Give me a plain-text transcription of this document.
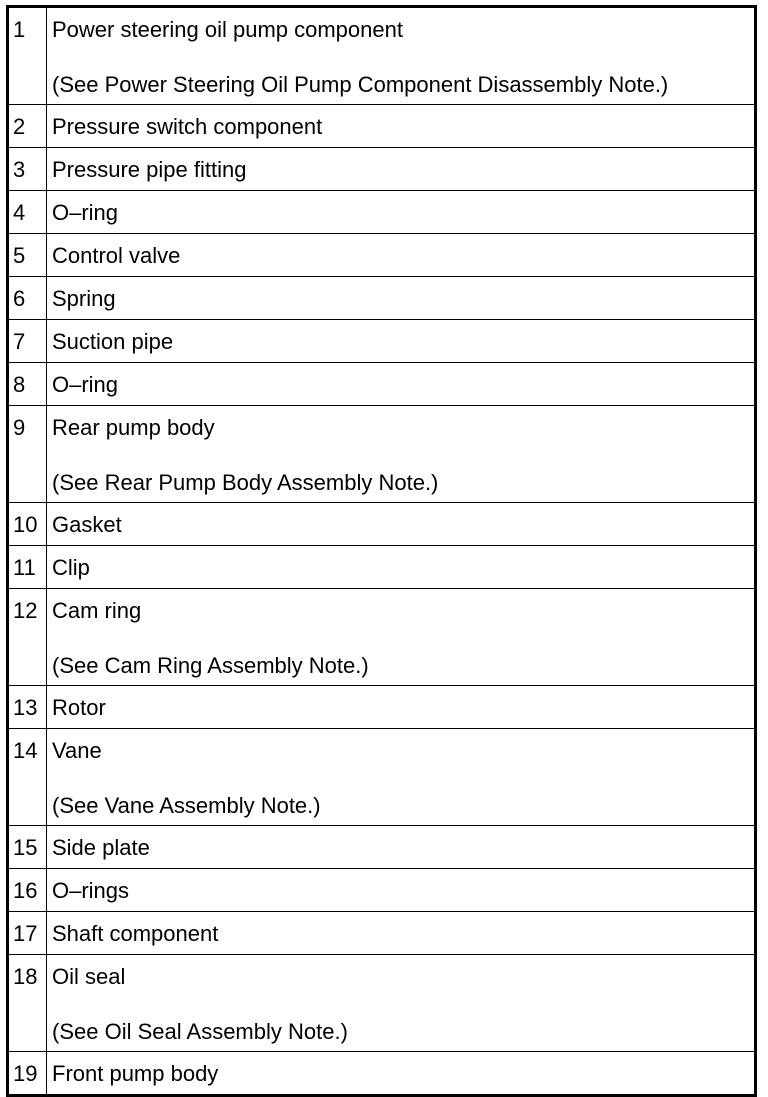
1	Power steering oil pump component
(See Power Steering Oil Pump Component Disassembly Note.)

2	Pressure switch component

3	Pressure pipe fitting

4	O–ring

5	Control valve

6	Spring

7	Suction pipe

8	O–ring

9	Rear pump body
(See Rear Pump Body Assembly Note.)

10	Gasket

11	Clip

12	Cam ring
(See Cam Ring Assembly Note.)

13	Rotor

14	Vane
(See Vane Assembly Note.)

15	Side plate

16	O–rings

17	Shaft component

18	Oil seal
(See Oil Seal Assembly Note.)

19	Front pump body
